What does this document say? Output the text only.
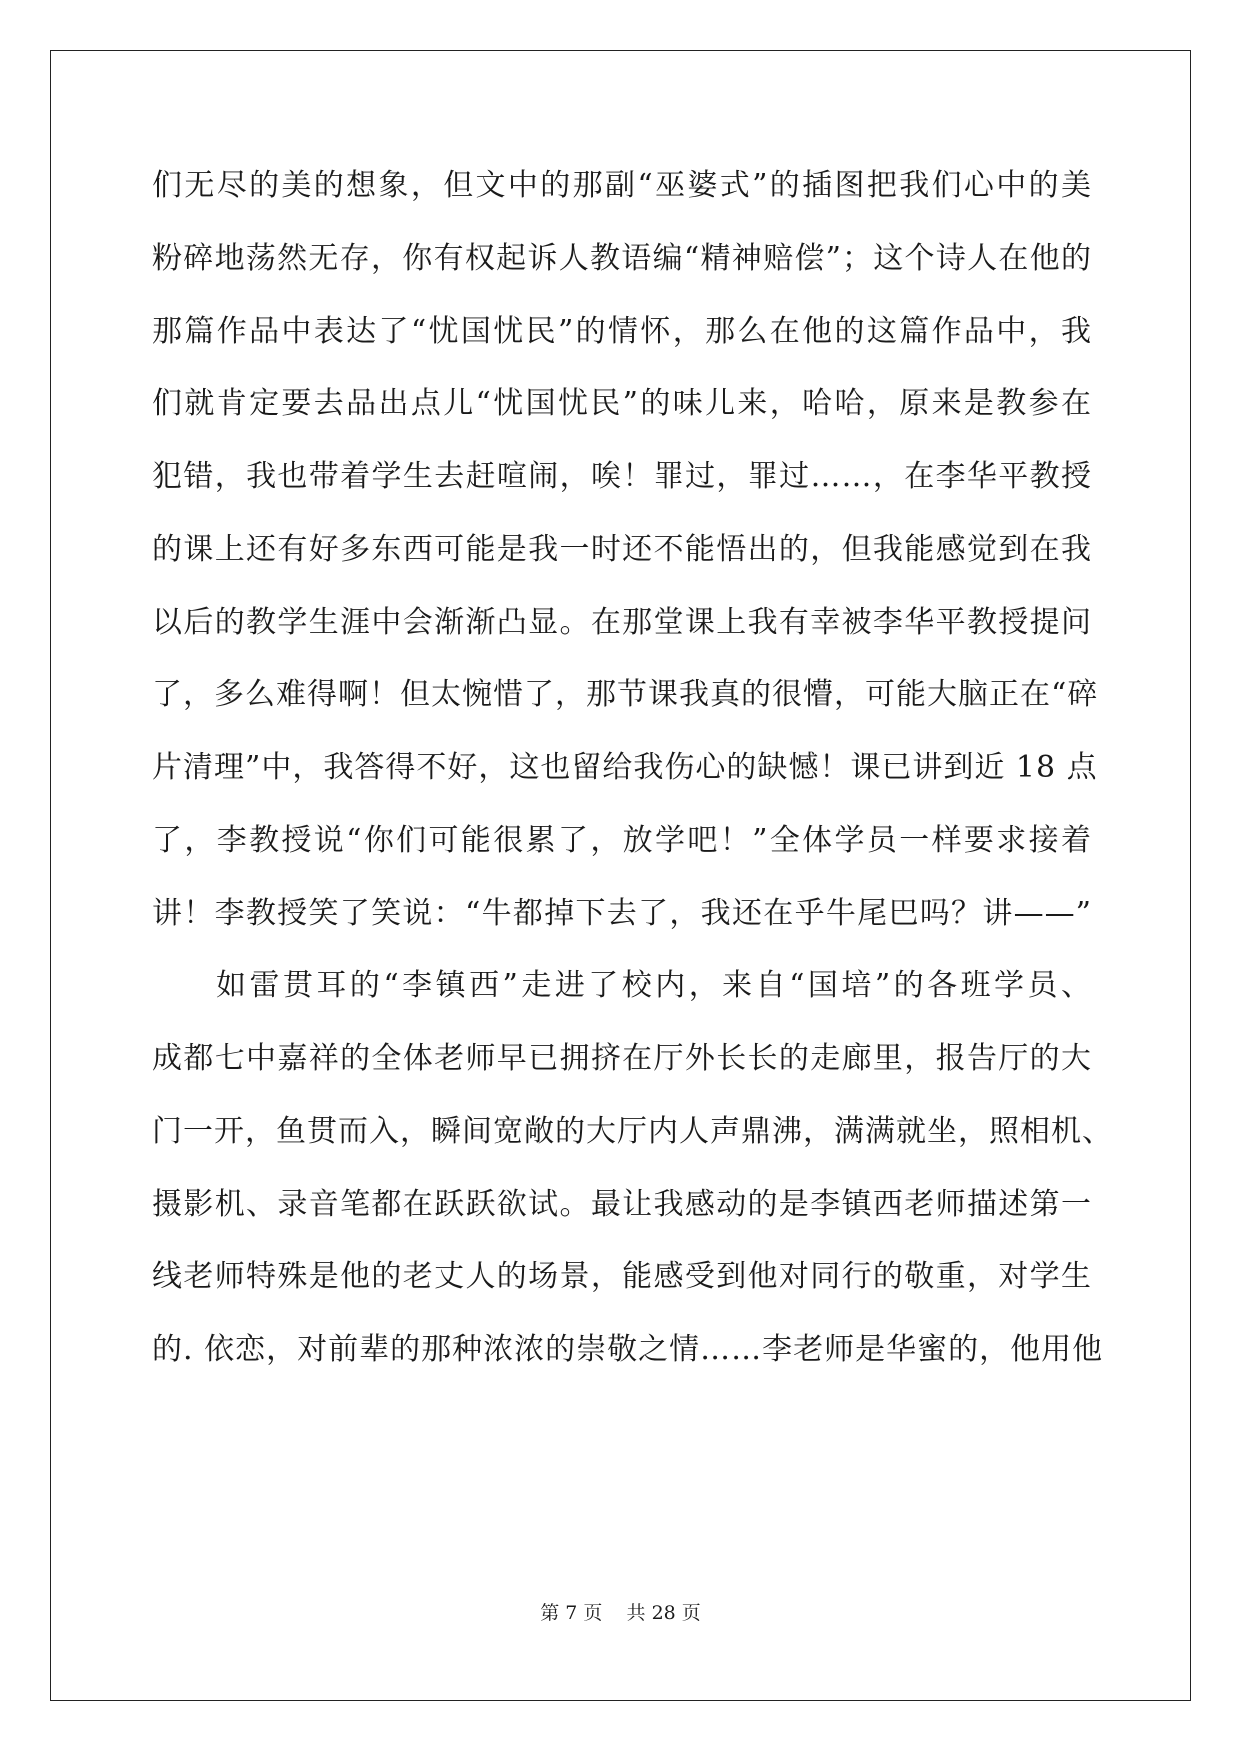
们无尽的美的想象，但文中的那副“巫婆式”的插图把我们心中的美
粉碎地荡然无存，你有权起诉人教语编“精神赔偿”；这个诗人在他的
那篇作品中表达了“忧国忧民”的情怀，那么在他的这篇作品中，我
们就肯定要去品出点儿“忧国忧民”的味儿来，哈哈，原来是教参在
犯错，我也带着学生去赶喧闹，唉！罪过，罪过……，在李华平教授
的课上还有好多东西可能是我一时还不能悟出的，但我能感觉到在我
以后的教学生涯中会渐渐凸显。在那堂课上我有幸被李华平教授提问
了，多么难得啊！但太惋惜了，那节课我真的很懵，可能大脑正在“碎
片清理”中，我答得不好，这也留给我伤心的缺憾！课已讲到近 18 点
了，李教授说“你们可能很累了，放学吧！”全体学员一样要求接着
讲！李教授笑了笑说：“牛都掉下去了，我还在乎牛尾巴吗？讲——”
如雷贯耳的“李镇西”走进了校内，来自“国培”的各班学员、
成都七中嘉祥的全体老师早已拥挤在厅外长长的走廊里，报告厅的大
门一开，鱼贯而入，瞬间宽敞的大厅内人声鼎沸，满满就坐，照相机、
摄影机、录音笔都在跃跃欲试。最让我感动的是李镇西老师描述第一
线老师特殊是他的老丈人的场景，能感受到他对同行的敬重，对学生
的. 依恋，对前辈的那种浓浓的崇敬之情……李老师是华蜜的，他用他
第 7 页    共 28 页
